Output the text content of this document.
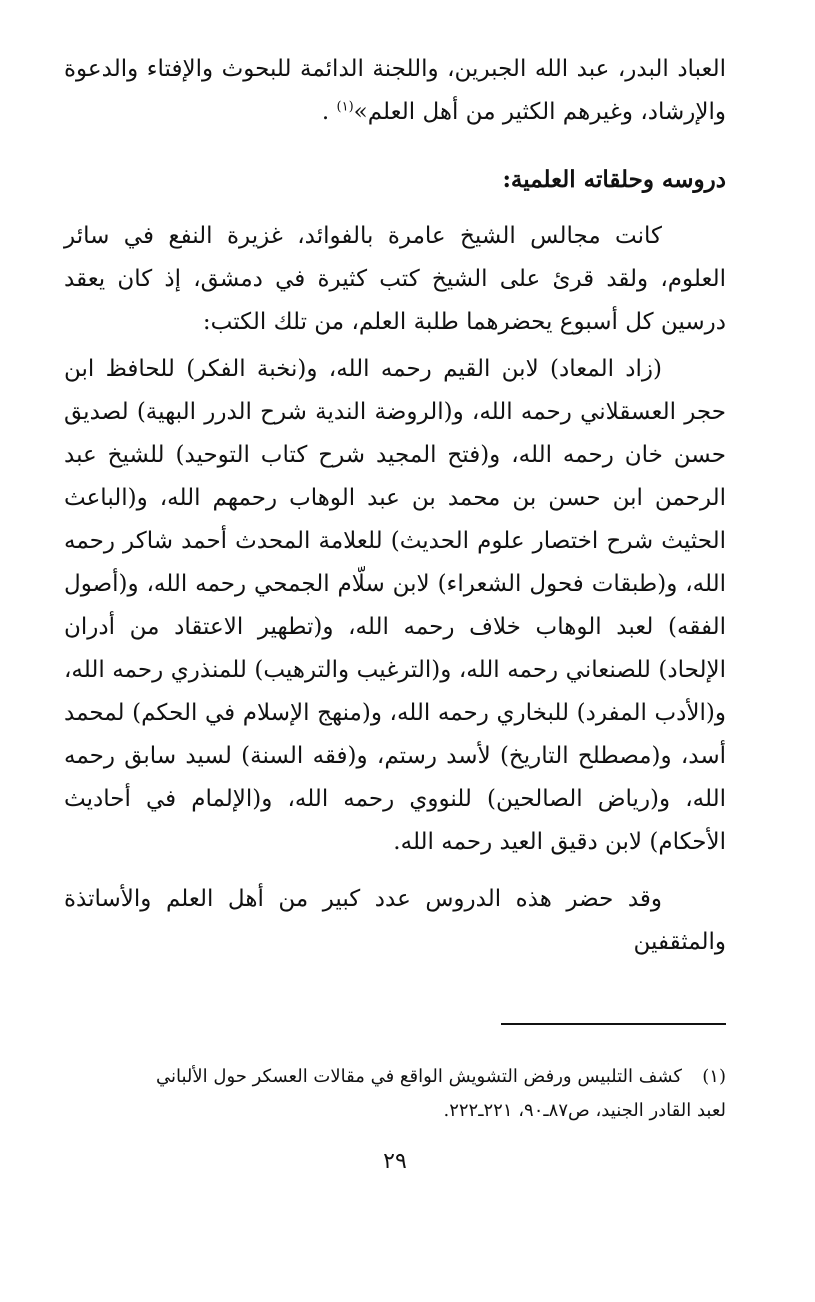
العباد البدر، عبد الله الجبرين، واللجنة الدائمة للبحوث والإفتاء والدعوة والإرشاد، وغيرهم الكثير من أهل العلم»$^{(١)}$ .

دروسه وحلقاته العلمية:

كانت مجالس الشيخ عامرة بالفوائد، غزيرة النفع في سائر العلوم، ولقد قرئ على الشيخ كتب كثيرة في دمشق، إذ كان يعقد درسين كل أسبوع يحضرهما طلبة العلم، من تلك الكتب:

(زاد المعاد) لابن القيم رحمه الله، و(نخبة الفكر) للحافظ ابن حجر العسقلاني رحمه الله، و(الروضة الندية شرح الدرر البهية) لصديق حسن خان رحمه الله، و(فتح المجيد شرح كتاب التوحيد) للشيخ عبد الرحمن ابن حسن بن محمد بن عبد الوهاب رحمهم الله، و(الباعث الحثيث شرح اختصار علوم الحديث) للعلامة المحدث أحمد شاكر رحمه الله، و(طبقات فحول الشعراء) لابن سلّام الجمحي رحمه الله، و(أصول الفقه) لعبد الوهاب خلاف رحمه الله، و(تطهير الاعتقاد من أدران الإلحاد) للصنعاني رحمه الله، و(الترغيب والترهيب) للمنذري رحمه الله، و(الأدب المفرد) للبخاري رحمه الله، و(منهج الإسلام في الحكم) لمحمد أسد، و(مصطلح التاريخ) لأسد رستم، و(فقه السنة) لسيد سابق رحمه الله، و(رياض الصالحين) للنووي رحمه الله، و(الإلمام في أحاديث الأحكام) لابن دقيق العيد رحمه الله.

وقد حضر هذه الدروس عدد كبير من أهل العلم والأساتذة والمثقفين

(١)كشف التلبيس ورفض التشويش الواقع في مقالات العسكر حول الألباني
لعبد القادر الجنيد، ص٨٧ـ٩٠، ٢٢١ـ٢٢٢.

٢٩
